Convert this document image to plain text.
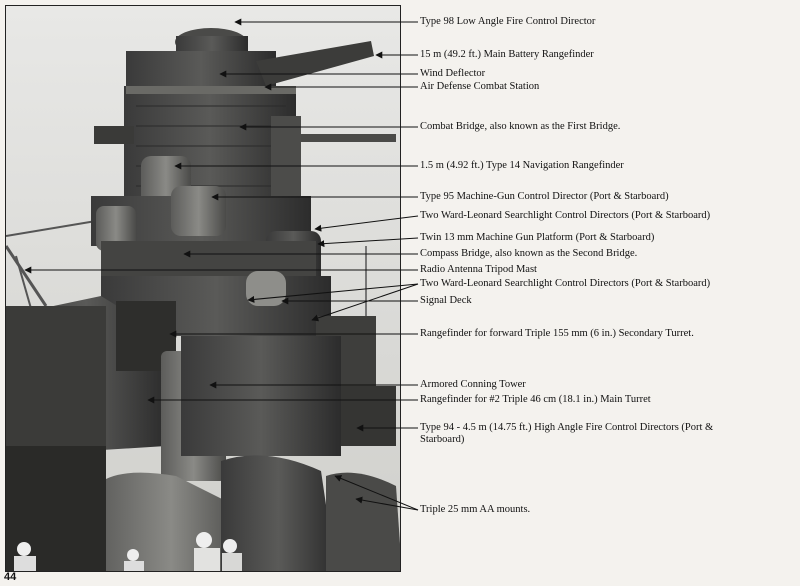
Type 98 Low Angle Fire Control Director
15 m (49.2 ft.) Main Battery Rangefinder
Wind Deflector
Air Defense Combat Station
Combat Bridge, also known as the First Bridge.
1.5 m (4.92 ft.) Type 14 Navigation Rangefinder
Type 95 Machine-Gun Control Director (Port & Starboard)
Two Ward-Leonard Searchlight Control Directors (Port & Starboard)
Twin 13 mm Machine Gun Platform (Port & Starboard)
Compass Bridge, also known as the Second Bridge.
Radio Antenna Tripod Mast
Two Ward-Leonard Searchlight Control Directors (Port & Starboard)
Signal Deck
Rangefinder for forward Triple 155 mm (6 in.) Secondary Turret.
Armored Conning Tower
Rangefinder for #2 Triple 46 cm (18.1 in.) Main Turret
Type 94 - 4.5 m (14.75 ft.) High Angle Fire Control Directors (Port & Starboard)
Triple 25 mm AA mounts.
44
